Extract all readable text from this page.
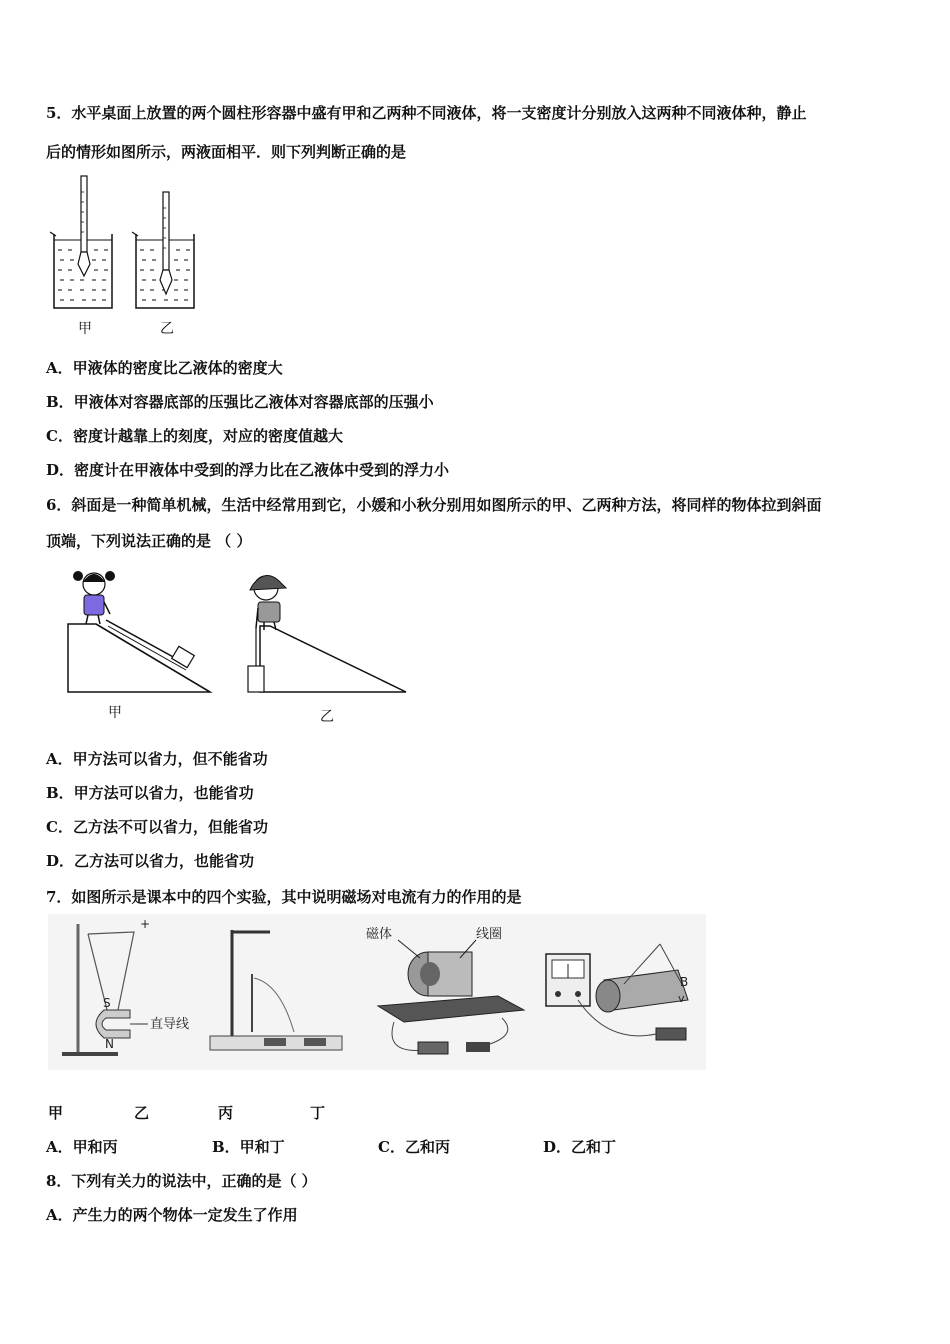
5．水平桌面上放置的两个圆柱形容器中盛有甲和乙两种不同液体，将一支密度计分别放入这两种不同液体种，静止
后的情形如图所示，两液面相平．则下列判断正确的是
甲	乙
A．甲液体的密度比乙液体的密度大
B．甲液体对容器底部的压强比乙液体对容器底部的压强小
C．密度计越靠上的刻度，对应的密度值越大
D．密度计在甲液体中受到的浮力比在乙液体中受到的浮力小
6．斜面是一种简单机械，生活中经常用到它，小媛和小秋分别用如图所示的甲、乙两种方法，将同样的物体拉到斜面
顶端，下列说法正确的是 （ ）
甲	乙
A．甲方法可以省力，但不能省功
B．甲方法可以省力，也能省功
C．乙方法不可以省力，但能省功
D．乙方法可以省力，也能省功
7．如图所示是课本中的四个实验，其中说明磁场对电流有力的作用的是
S
N
+
直导线
磁体	线圈
B
v
甲	乙	丙	丁
A．甲和丙	B．甲和丁	C．乙和丙	D．乙和丁
8．下列有关力的说法中，正确的是（ ）
A．产生力的两个物体一定发生了作用
